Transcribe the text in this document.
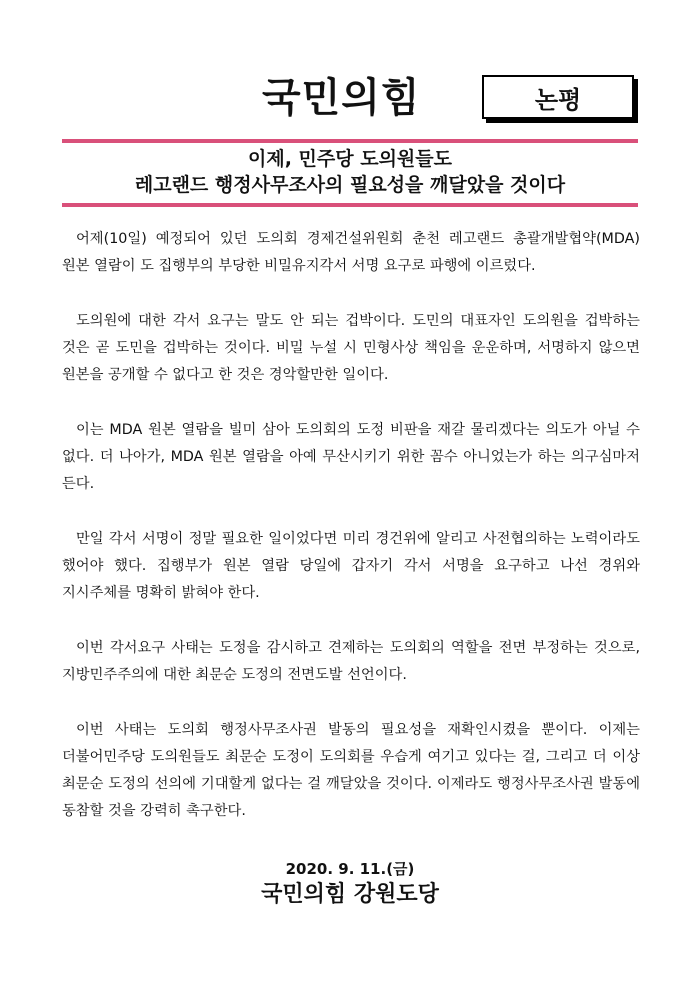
국민의힘	논평
이제, 민주당 도의원들도
레고랜드 행정사무조사의 필요성을 깨달았을 것이다

어제(10일) 예정되어 있던 도의회 경제건설위원회 춘천 레고랜드 총괄개발협약(MDA) 원본 열람이 도 집행부의 부당한 비밀유지각서 서명 요구로 파행에 이르렀다.

도의원에 대한 각서 요구는 말도 안 되는 겁박이다. 도민의 대표자인 도의원을 겁박하는 것은 곧 도민을 겁박하는 것이다. 비밀 누설 시 민형사상 책임을 운운하며, 서명하지 않으면 원본을 공개할 수 없다고 한 것은 경악할만한 일이다.

이는 MDA 원본 열람을 빌미 삼아 도의회의 도정 비판을 재갈 물리겠다는 의도가 아닐 수 없다. 더 나아가, MDA 원본 열람을 아예 무산시키기 위한 꼼수 아니었는가 하는 의구심마저 든다.

만일 각서 서명이 정말 필요한 일이었다면 미리 경건위에 알리고 사전협의하는 노력이라도 했어야 했다. 집행부가 원본 열람 당일에 갑자기 각서 서명을 요구하고 나선 경위와 지시주체를 명확히 밝혀야 한다.

이번 각서요구 사태는 도정을 감시하고 견제하는 도의회의 역할을 전면 부정하는 것으로, 지방민주주의에 대한 최문순 도정의 전면도발 선언이다.

이번 사태는 도의회 행정사무조사권 발동의 필요성을 재확인시켰을 뿐이다. 이제는 더불어민주당 도의원들도 최문순 도정이 도의회를 우습게 여기고 있다는 걸, 그리고 더 이상 최문순 도정의 선의에 기대할게 없다는 걸 깨달았을 것이다. 이제라도 행정사무조사권 발동에 동참할 것을 강력히 촉구한다.

2020. 9. 11.(금)
국민의힘 강원도당
